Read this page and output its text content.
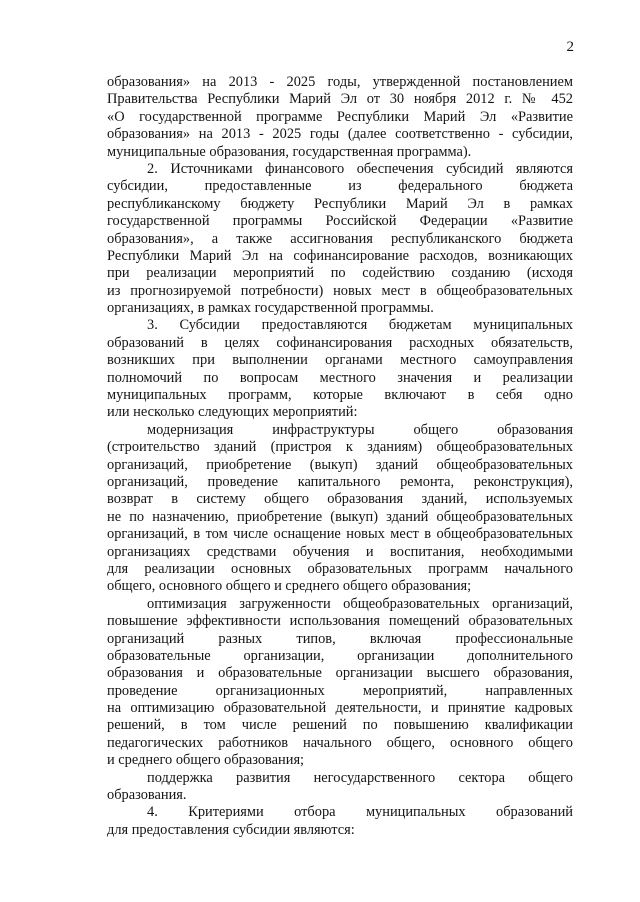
2
образования» на 2013 - 2025 годы, утвержденной постановлением
Правительства Республики Марий Эл от 30 ноября 2012 г. № 452
«О государственной программе Республики Марий Эл «Развитие
образования» на 2013 - 2025 годы (далее соответственно - субсидии,
муниципальные образования, государственная программа).
2. Источниками финансового обеспечения субсидий являются
субсидии, предоставленные из федерального бюджета
республиканскому бюджету Республики Марий Эл в рамках
государственной программы Российской Федерации «Развитие
образования», а также ассигнования республиканского бюджета
Республики Марий Эл на софинансирование расходов, возникающих
при реализации мероприятий по содействию созданию (исходя
из прогнозируемой потребности) новых мест в общеобразовательных
организациях, в рамках государственной программы.
3. Субсидии предоставляются бюджетам муниципальных
образований в целях софинансирования расходных обязательств,
возникших при выполнении органами местного самоуправления
полномочий по вопросам местного значения и реализации
муниципальных программ, которые включают в себя одно
или несколько следующих мероприятий:
модернизация инфраструктуры общего образования
(строительство зданий (пристроя к зданиям) общеобразовательных
организаций, приобретение (выкуп) зданий общеобразовательных
организаций, проведение капитального ремонта, реконструкция),
возврат в систему общего образования зданий, используемых
не по назначению, приобретение (выкуп) зданий общеобразовательных
организаций, в том числе оснащение новых мест в общеобразовательных
организациях средствами обучения и воспитания, необходимыми
для реализации основных образовательных программ начального
общего, основного общего и среднего общего образования;
оптимизация загруженности общеобразовательных организаций,
повышение эффективности использования помещений образовательных
организаций разных типов, включая профессиональные
образовательные организации, организации дополнительного
образования и образовательные организации высшего образования,
проведение организационных мероприятий, направленных
на оптимизацию образовательной деятельности, и принятие кадровых
решений, в том числе решений по повышению квалификации
педагогических работников начального общего, основного общего
и среднего общего образования;
поддержка развития негосударственного сектора общего
образования.
4. Критериями отбора муниципальных образований
для предоставления субсидии являются:
